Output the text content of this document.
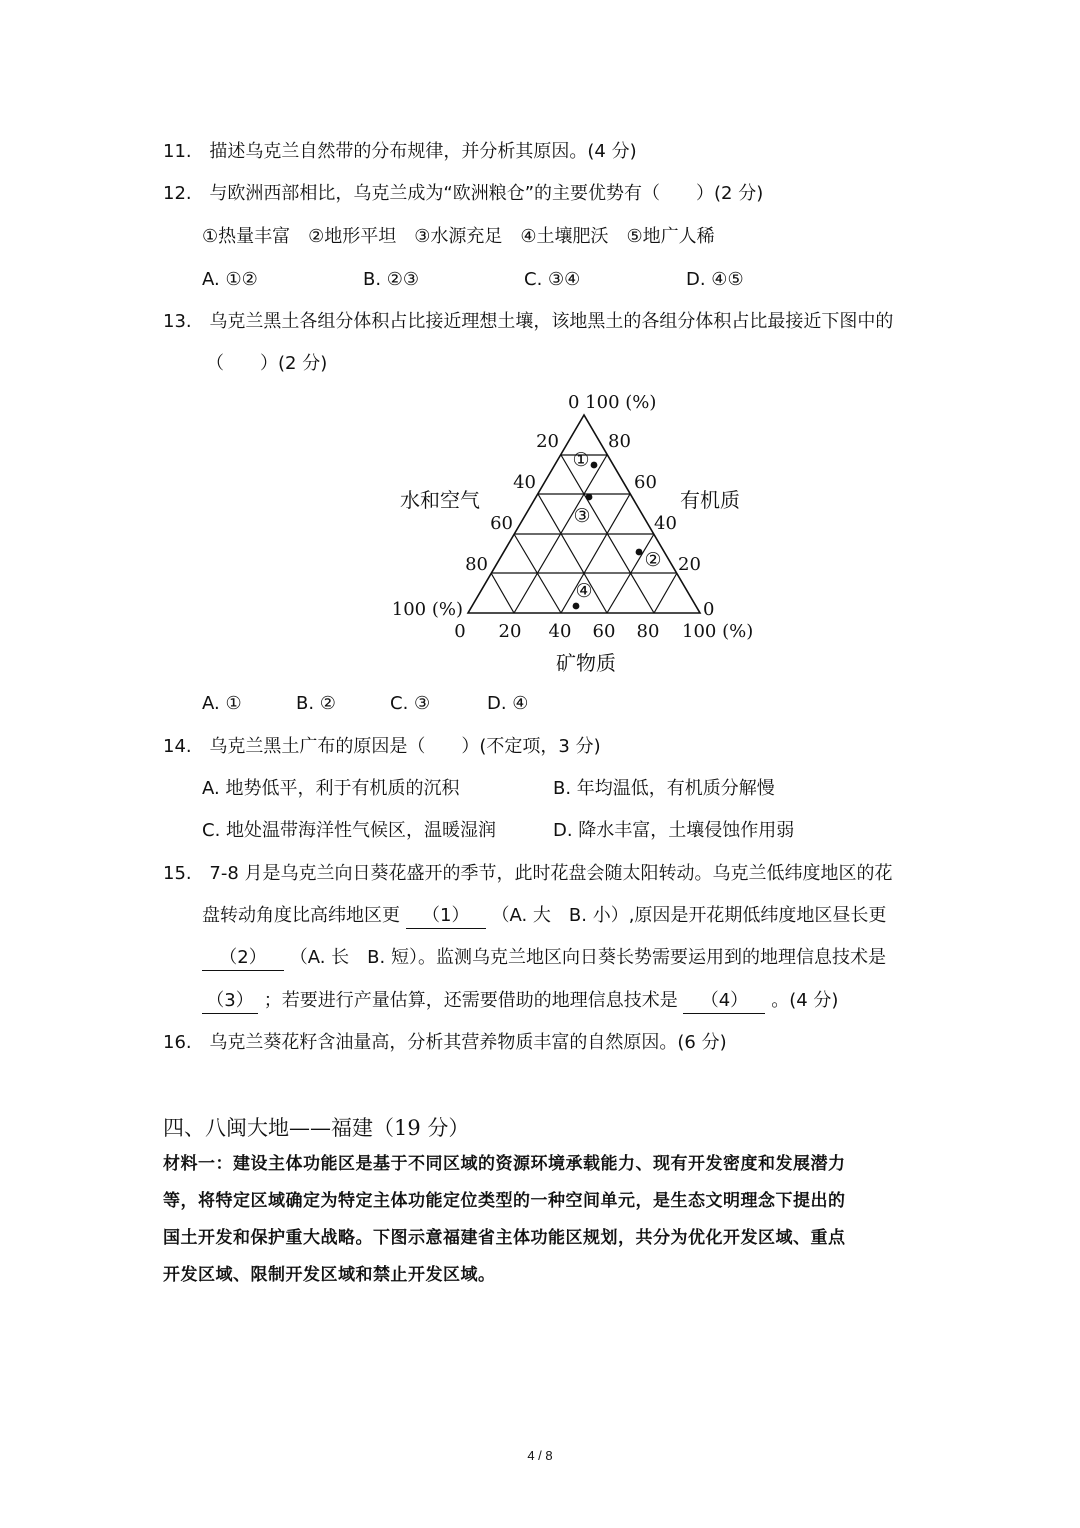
11. 描述乌克兰自然带的分布规律，并分析其原因。(4 分)
12. 与欧洲西部相比，乌克兰成为“欧洲粮仓”的主要优势有（　　）(2 分)
①热量丰富　②地形平坦　③水源充足　④土壤肥沃　⑤地广人稀
A. ①②	B. ②③	C. ③④	D. ④⑤
13. 乌克兰黑土各组分体积占比接近理想土壤，该地黑土的各组分体积占比最接近下图中的
（　　）(2 分)
①
③
②
④
0 100 (%)
20
40
60
80
100 (%)
80
60
40
20
0
0 20 40 60 80 100 (%)
水和空气	有机质
矿物质
A. ①	B. ②	C. ③	D. ④
14. 乌克兰黑土广布的原因是（　　）(不定项，3 分)
A. 地势低平，利于有机质的沉积	B. 年均温低，有机质分解慢
C. 地处温带海洋性气候区，温暖湿润	D. 降水丰富，土壤侵蚀作用弱
15. 7-8 月是乌克兰向日葵花盛开的季节，此时花盘会随太阳转动。乌克兰低纬度地区的花
盘转动角度比高纬地区更 （1） （A. 大　B. 小）,原因是开花期低纬度地区昼长更
（2） （A. 长　B. 短）。监测乌克兰地区向日葵长势需要运用到的地理信息技术是
（3） ；若要进行产量估算，还需要借助的地理信息技术是 （4） 。(4 分)
16. 乌克兰葵花籽含油量高，分析其营养物质丰富的自然原因。(6 分)
四、八闽大地——福建（19 分）
材料一：建设主体功能区是基于不同区域的资源环境承载能力、现有开发密度和发展潜力
等，将特定区域确定为特定主体功能定位类型的一种空间单元，是生态文明理念下提出的
国土开发和保护重大战略。下图示意福建省主体功能区规划，共分为优化开发区域、重点
开发区域、限制开发区域和禁止开发区域。
4 / 8
